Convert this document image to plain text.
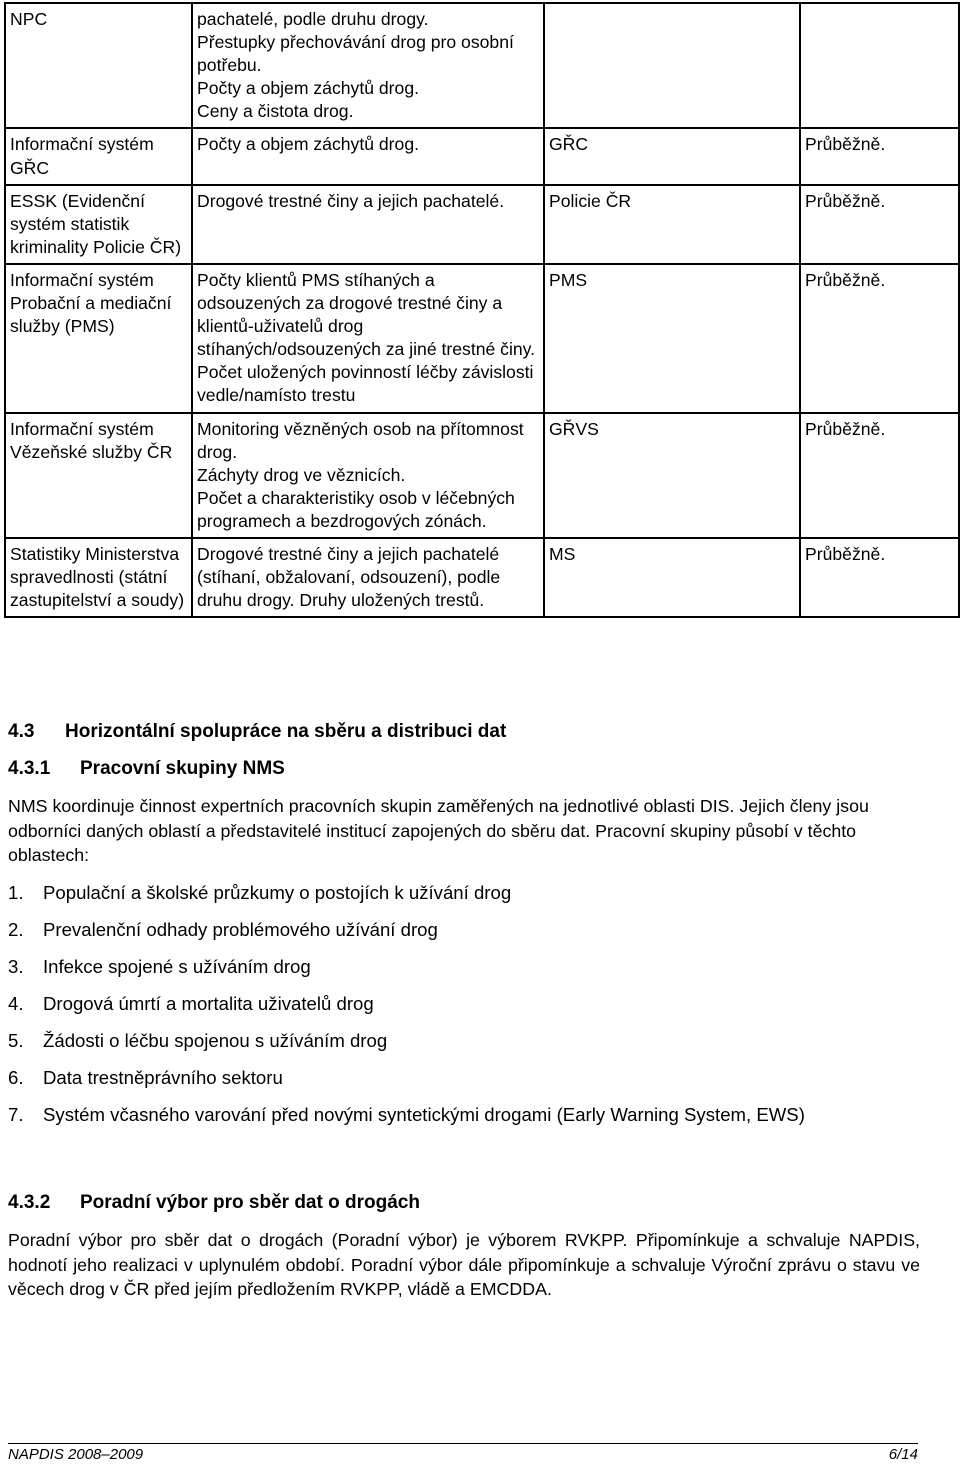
NPC	pachatelé, podle druhu drogy.
Přestupky přechovávání drog pro osobní potřebu.
Počty a objem záchytů drog.
Ceny a čistota drog.		

Informační systém GŘC	Počty a objem záchytů drog.	GŘC	Průběžně.

ESSK (Evidenční systém statistik kriminality Policie ČR)	Drogové trestné činy a jejich pachatelé.	Policie ČR	Průběžně.

Informační systém Probační a mediační služby (PMS)	Počty klientů PMS stíhaných a odsouzených za drogové trestné činy a klientů-uživatelů drog stíhaných/odsouzených za jiné trestné činy.
Počet uložených povinností léčby závislosti vedle/namísto trestu	PMS	Průběžně.

Informační systém Vězeňské služby ČR	Monitoring vězněných osob na přítomnost drog.
Záchyty drog ve věznicích.
Počet a charakteristiky osob v léčebných programech a bezdrogových zónách.	GŘVS	Průběžně.

Statistiky Ministerstva spravedlnosti (státní zastupitelství a soudy)	Drogové trestné činy a jejich pachatelé (stíhaní, obžalovaní, odsouzení), podle druhu drogy. Druhy uložených trestů.	MS	Průběžně.
4.3 Horizontální spolupráce na sběru a distribuci dat
4.3.1 Pracovní skupiny NMS

NMS koordinuje činnost expertních pracovních skupin zaměřených na jednotlivé oblasti DIS. Jejich členy jsou odborníci daných oblastí a představitelé institucí zapojených do sběru dat. Pracovní skupiny působí v těchto oblastech:

1. Populační a školské průzkumy o postojích k užívání drog
2. Prevalenční odhady problémového užívání drog
3. Infekce spojené s užíváním drog
4. Drogová úmrtí a mortalita uživatelů drog
5. Žádosti o léčbu spojenou s užíváním drog
6. Data trestněprávního sektoru
7. Systém včasného varování před novými syntetickými drogami (Early Warning System, EWS)
4.3.2 Poradní výbor pro sběr dat o drogách

Poradní výbor pro sběr dat o drogách (Poradní výbor) je výborem RVKPP. Připomínkuje a schvaluje NAPDIS, hodnotí jeho realizaci v uplynulém období. Poradní výbor dále připomínkuje a schvaluje Výroční zprávu o stavu ve věcech drog v ČR před jejím předložením RVKPP, vládě a EMCDDA.

NAPDIS 2008–2009	6/14
